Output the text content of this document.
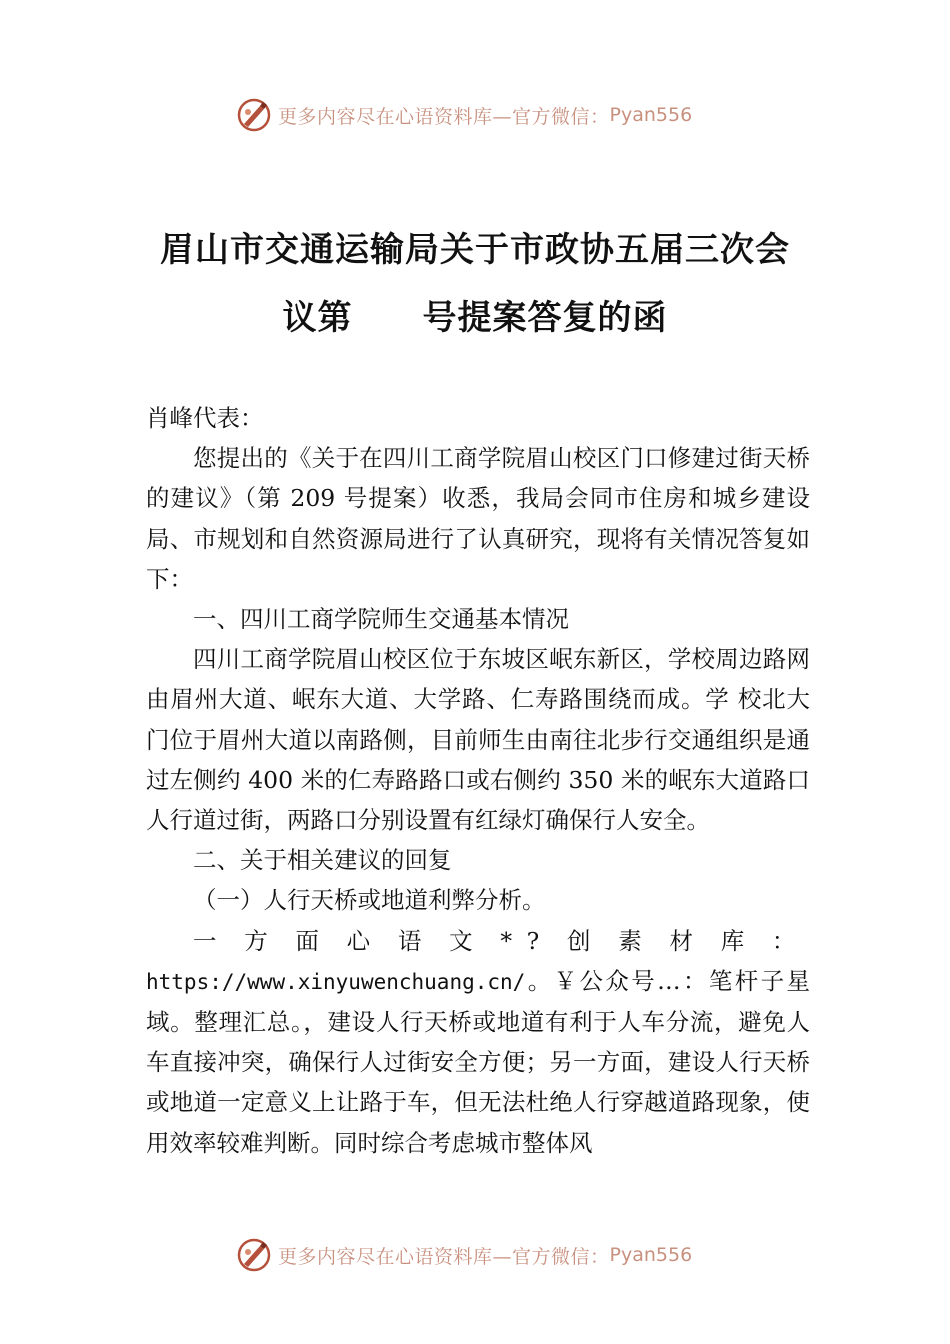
更多内容尽在心语资料库—官方微信： Pyan556
眉山市交通运输局关于市政协五届三次会
议第 号提案答复的函

肖峰代表：

您提出的《关于在四川工商学院眉山校区门口修建过街天桥的建议》（第 209 号提案）收悉，我局会同市住房和城乡建设局、市规划和自然资源局进行了认真研究，现将有关情况答复如下：

一、四川工商学院师生交通基本情况

四川工商学院眉山校区位于东坡区岷东新区，学校周边路网由眉州大道、岷东大道、大学路、仁寿路围绕而成。学 校北大门位于眉州大道以南路侧，目前师生由南往北步行交通组织是通过左侧约 400 米的仁寿路路口或右侧约 350 米的岷东大道路口人行道过街，两路口分别设置有红绿灯确保行人安全。

二、关于相关建议的回复

（一）人行天桥或地道利弊分析。

一方面心语文*?创素材库：https://www.xinyuwenchuang.cn/。￥公众号…：笔杆子星域。整理汇总。，建设人行天桥或地道有利于人车分流，避免人车直接冲突，确保行人过街安全方便；另一方面，建设人行天桥或地道一定意义上让路于车，但无法杜绝人行穿越道路现象，使用效率较难判断。同时综合考虑城市整体风

更多内容尽在心语资料库—官方微信： Pyan556
